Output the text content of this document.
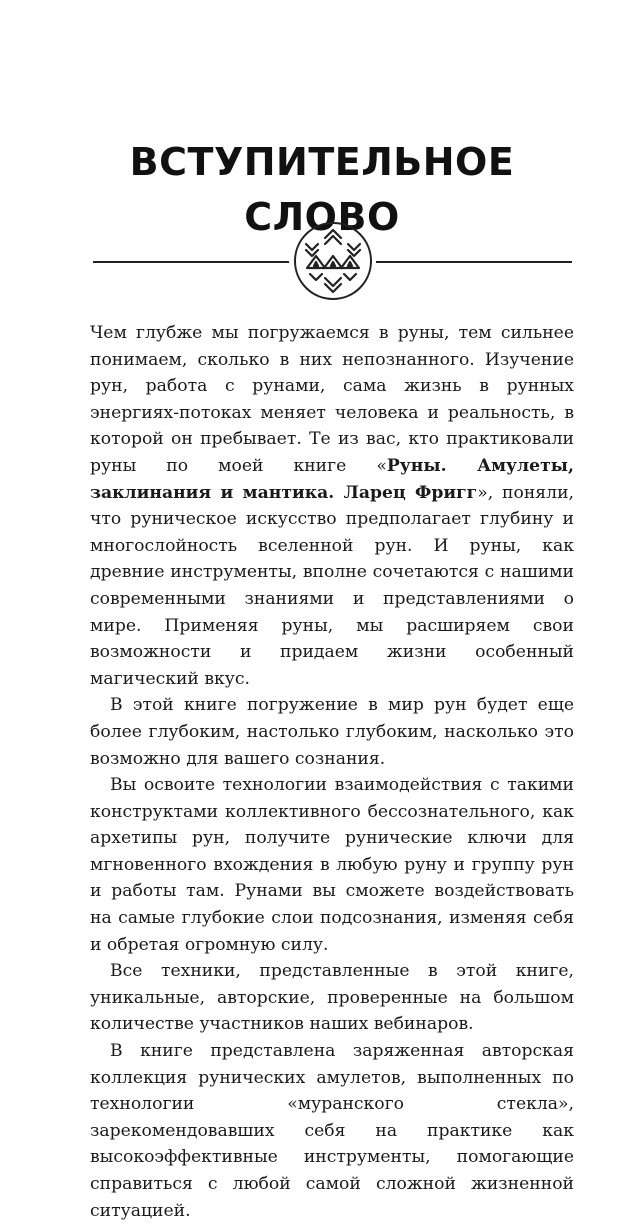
ВСТУПИТЕЛЬНОЕ
СЛОВО

Чем глубже мы погружаемся в руны, тем сильнее понимаем, сколько в них непознанного. Изучение рун, работа с рунами, сама жизнь в рунных энергиях-потоках меняет человека и реальность, в которой он пребывает. Те из вас, кто практиковали руны по моей книге «Руны. Амулеты, заклинания и мантика. Ларец Фригг», поняли, что руническое искусство предполагает глубину и многослойность вселенной рун. И руны, как древние инструменты, вполне сочетаются с нашими современными знаниями и представлениями о мире. Применяя руны, мы расширяем свои возможности и придаем жизни особенный магический вкус.

В этой книге погружение в мир рун будет еще более глубоким, настолько глубоким, насколько это возможно для вашего сознания.

Вы освоите технологии взаимодействия с такими конструктами коллективного бессознательного, как архетипы рун, получите рунические ключи для мгновенного вхождения в любую руну и группу рун и работы там. Рунами вы сможете воздействовать на самые глубокие слои подсознания, изменяя себя и обретая огромную силу.

Все техники, представленные в этой книге, уникальные, авторские, проверенные на большом количестве участников наших вебинаров.

В книге представлена заряженная авторская коллекция рунических амулетов, выполненных по технологии «муранского стекла», зарекомендовавших себя на практике как высокоэффективные инструменты, помогающие справиться с любой самой сложной жизненной ситуацией.
